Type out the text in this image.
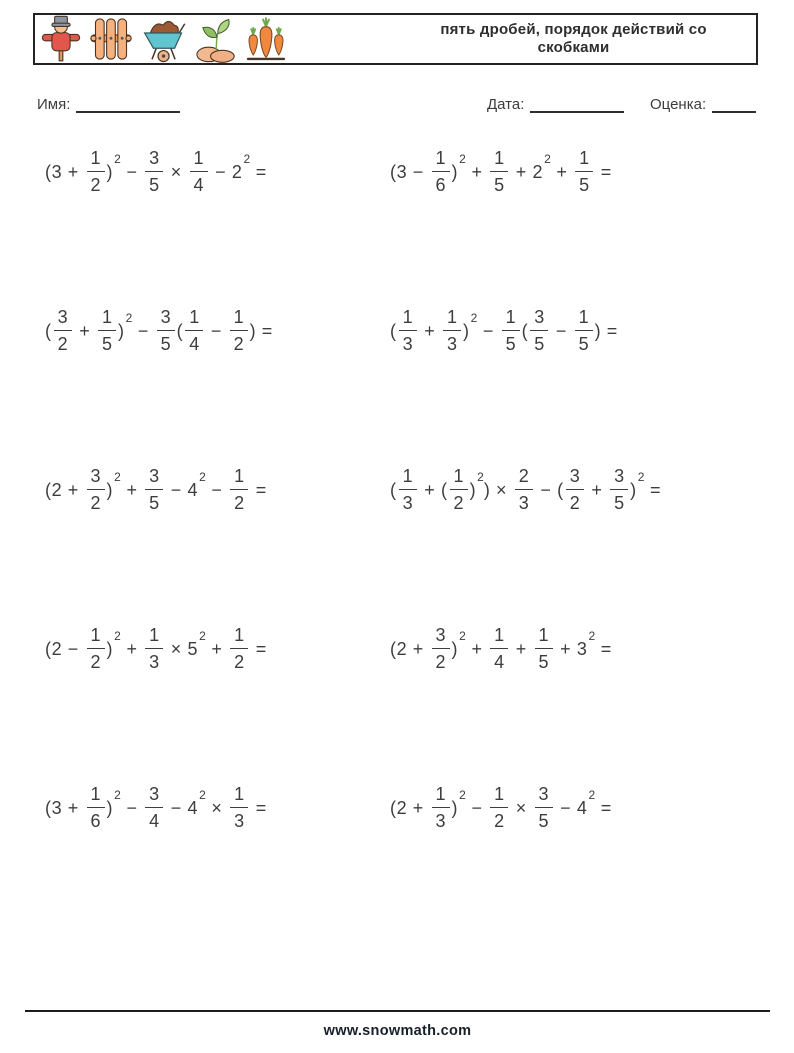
пять дробей, порядок действий со
скобками
Имя:	Дата:	Оценка:
($3 + \frac{1}{2}$ )
2
− $\frac{3}{5} \times \frac{1}{4} - 2$
2
=	($3 - \frac{1}{6}$ )
2
+ $\frac{1}{5} + 2$
2
+ $\frac{1}{5}$ =
( $\frac{3}{2} + \frac{1}{5}$ )
2
− $\frac{3}{5}$ ( $\frac{1}{4} - \frac{1}{2}$ ) =	( $\frac{1}{3} + \frac{1}{3}$ )
2
− $\frac{1}{5}$ ( $\frac{3}{5} - \frac{1}{5}$ ) =
($2 + \frac{3}{2}$ )
2
+ $\frac{3}{5} - 4$
2
− $\frac{1}{2}$ =	( $\frac{1}{3}$ + ( $\frac{1}{2}$ )
2
) × $\frac{2}{3}$ − ( $\frac{3}{2} + \frac{3}{5}$ )
2
=
($2 - \frac{1}{2}$ )
2
+ $\frac{1}{3} \times 5$
2
+ $\frac{1}{2}$ =	($2 + \frac{3}{2}$ )
2
+ $\frac{1}{4} + \frac{1}{5} + 3$
2
=
($3 + \frac{1}{6}$ )
2
− $\frac{3}{4} - 4$
2
× $\frac{1}{3}$ =	($2 + \frac{1}{3}$ )
2
− $\frac{1}{2} \times \frac{3}{5} - 4$
2
=
www.snowmath.com
